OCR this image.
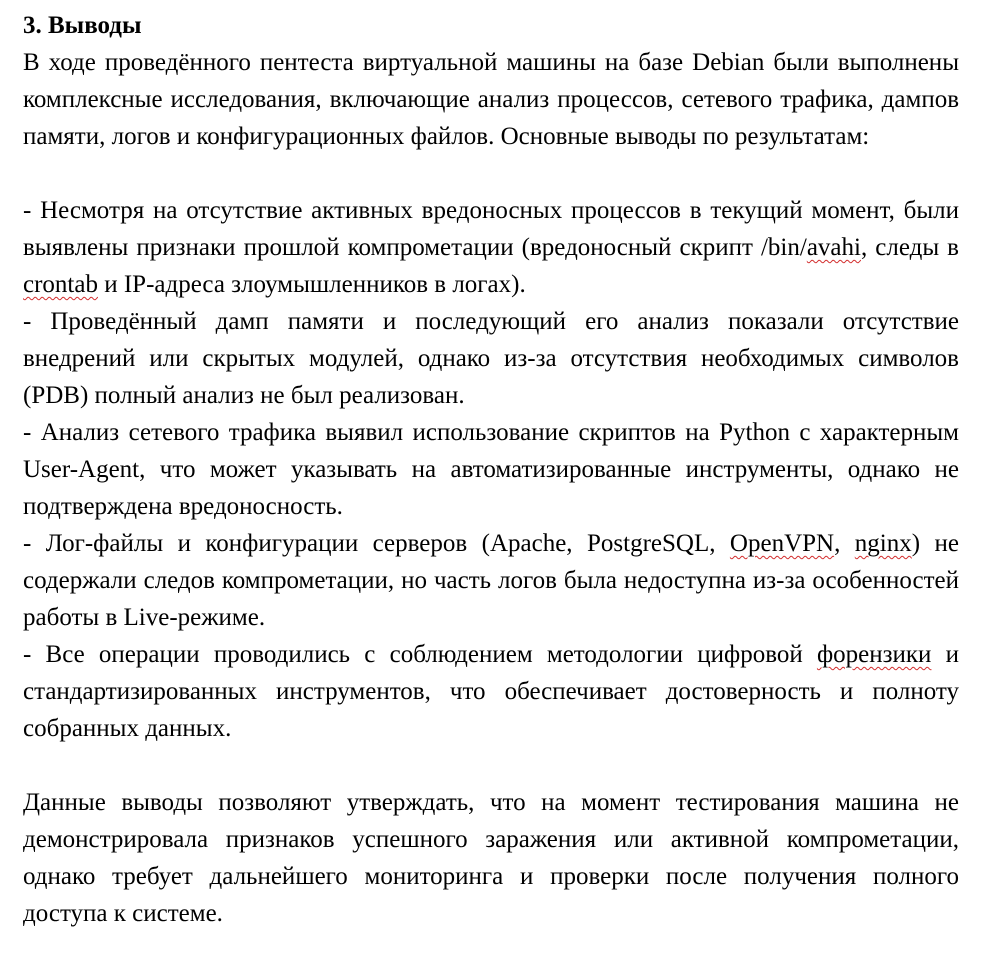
3. Выводы

В ходе проведённого пентеста виртуальной машины на базе Debian были выполнены комплексные исследования, включающие анализ процессов, сетевого трафика, дампов памяти, логов и конфигурационных файлов. Основные выводы по результатам:

- Несмотря на отсутствие активных вредоносных процессов в текущий момент, были выявлены признаки прошлой компрометации (вредоносный скрипт /bin/avahi, следы в crontab и IP-адреса злоумышленников в логах).

- Проведённый дамп памяти и последующий его анализ показали отсутствие внедрений или скрытых модулей, однако из-за отсутствия необходимых символов (PDB) полный анализ не был реализован.

- Анализ сетевого трафика выявил использование скриптов на Python с характерным User-Agent, что может указывать на автоматизированные инструменты, однако не подтверждена вредоносность.

- Лог-файлы и конфигурации серверов (Apache, PostgreSQL, OpenVPN, nginx) не содержали следов компрометации, но часть логов была недоступна из-за особенностей работы в Live-режиме.

- Все операции проводились с соблюдением методологии цифровой форензики и стандартизированных инструментов, что обеспечивает достоверность и полноту собранных данных.

Данные выводы позволяют утверждать, что на момент тестирования машина не демонстрировала признаков успешного заражения или активной компрометации, однако требует дальнейшего мониторинга и проверки после получения полного доступа к системе.
